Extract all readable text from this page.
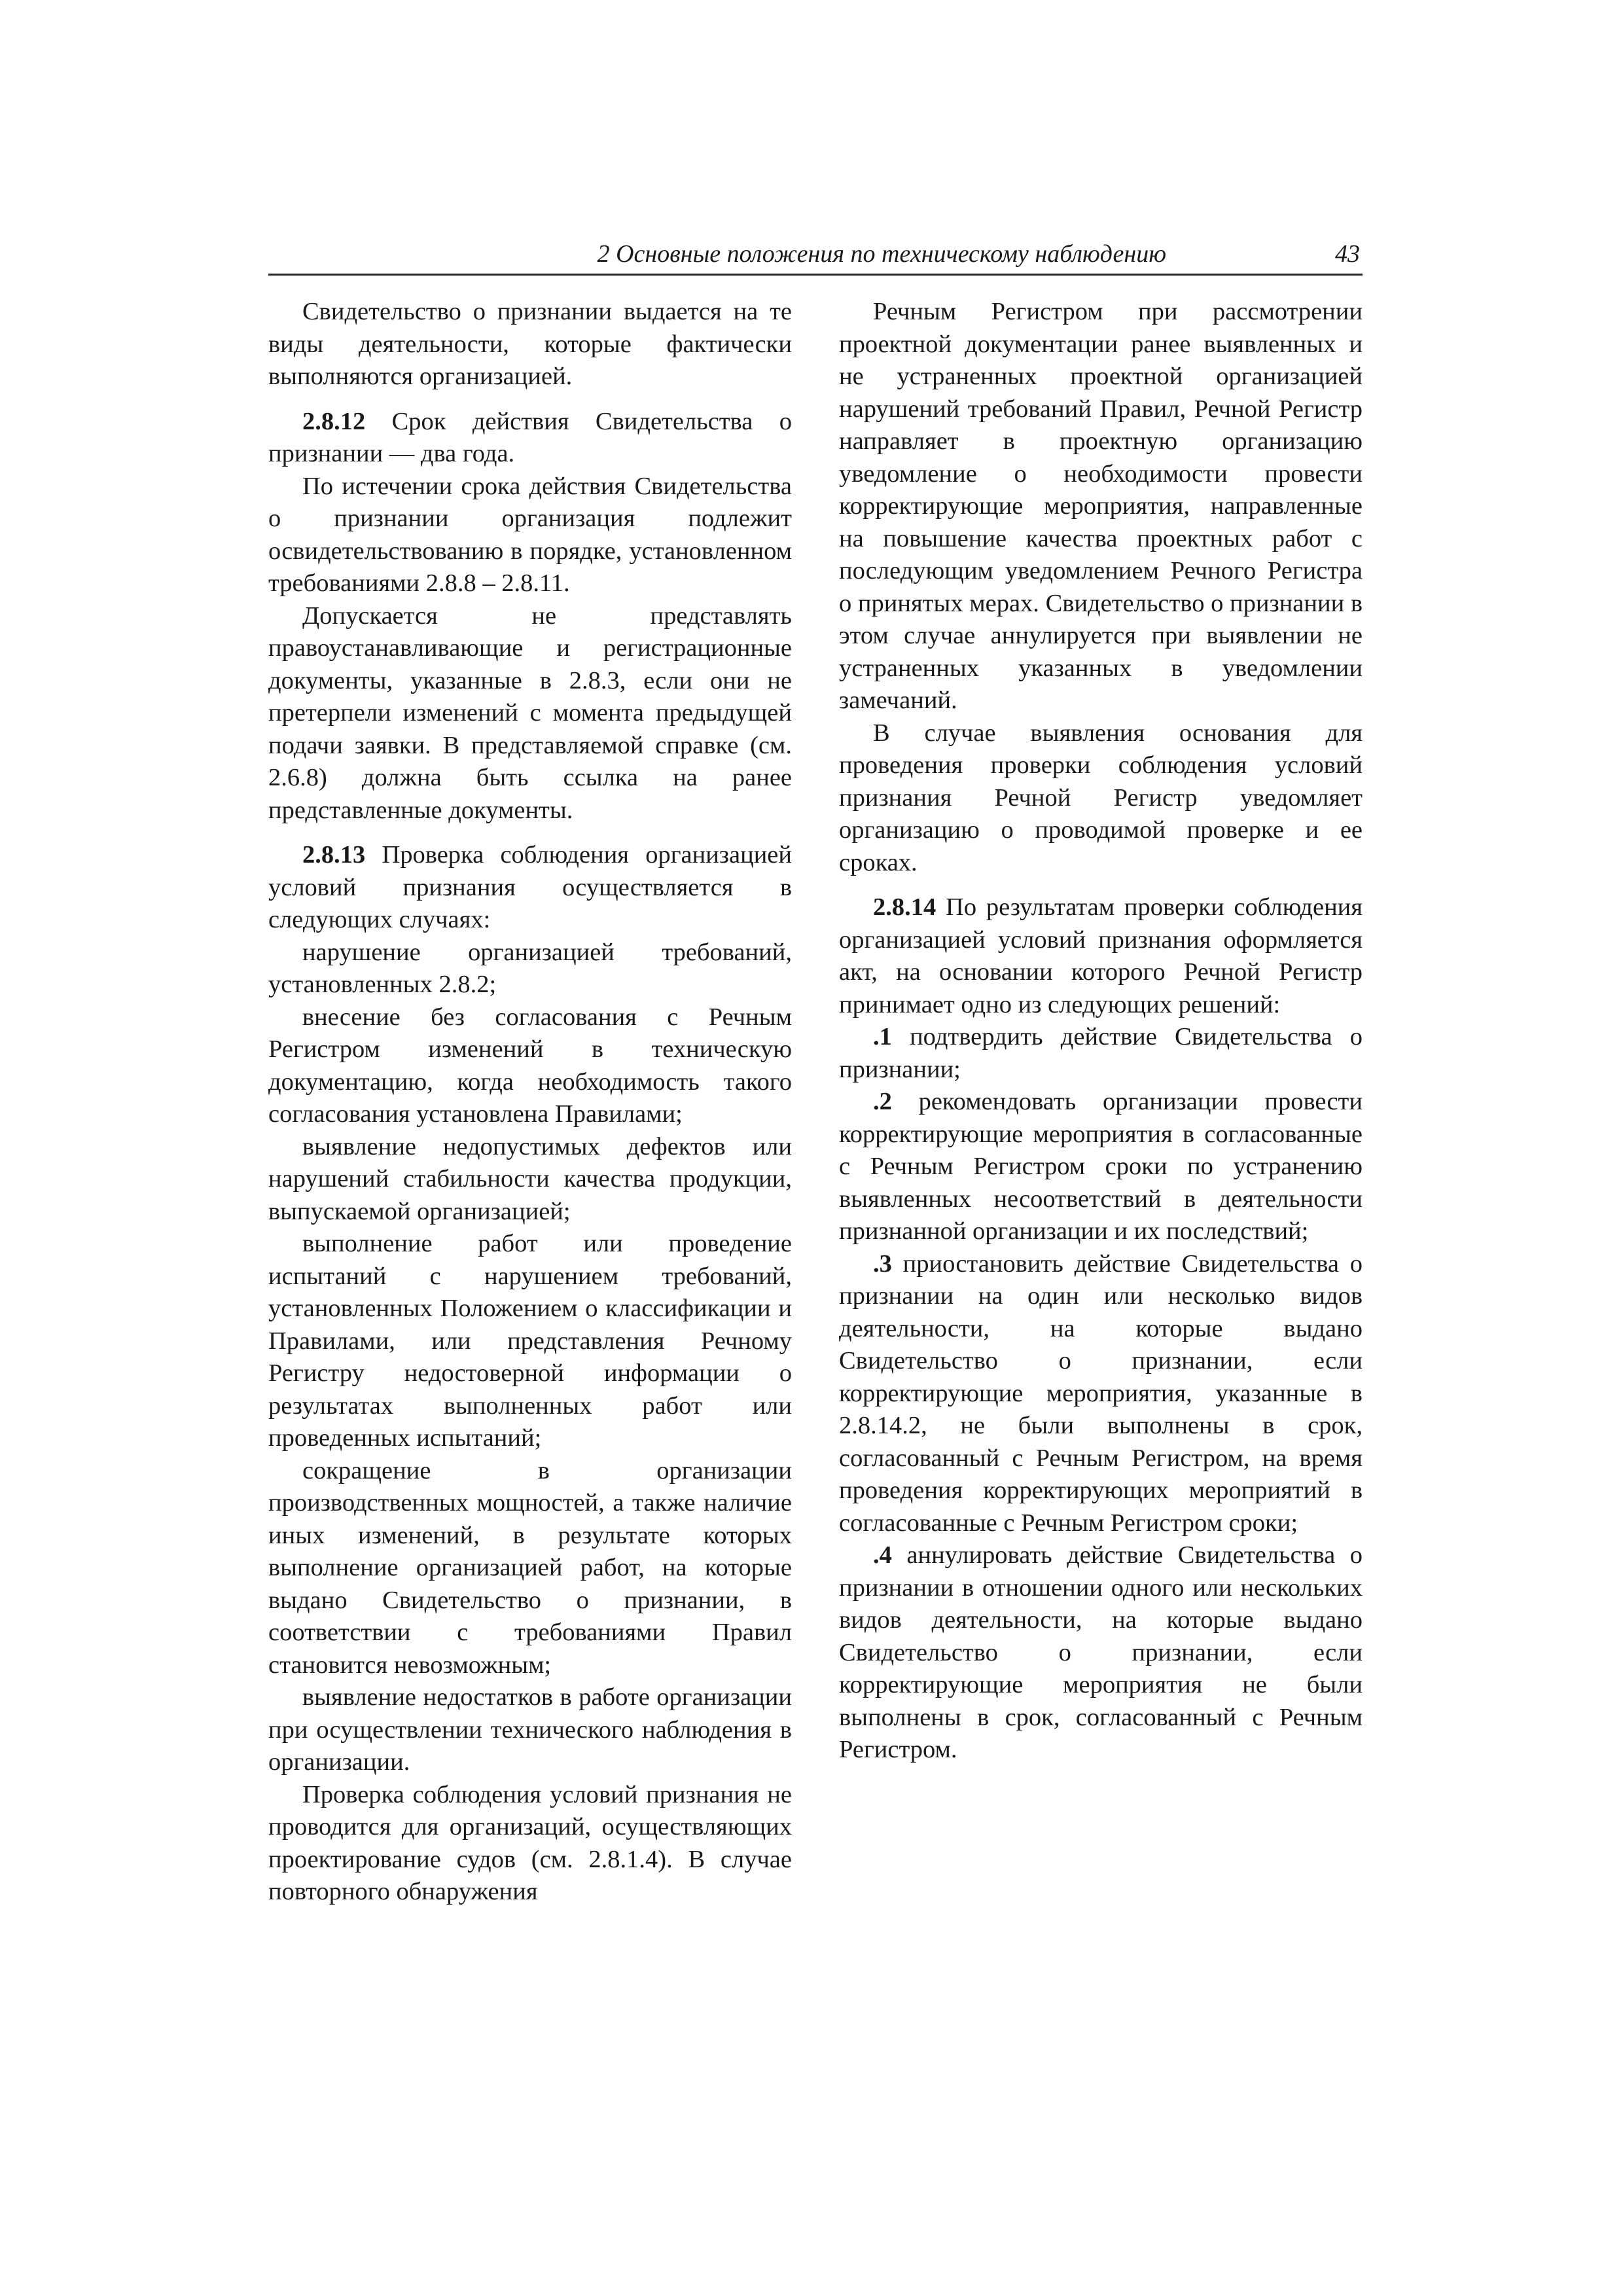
2 Основные положения по техническому наблюдению	43

Свидетельство о признании выдается на те виды деятельности, которые фактически выполняются организацией.

2.8.12 Срок действия Свидетельства о признании — два года.

По истечении срока действия Свидетельства о признании организация подлежит освидетельствованию в порядке, установленном требованиями 2.8.8 – 2.8.11.

Допускается не представлять правоустанавливающие и регистрационные документы, указанные в 2.8.3, если они не претерпели изменений с момента предыдущей подачи заявки. В представляемой справке (см. 2.6.8) должна быть ссылка на ранее представленные документы.

2.8.13 Проверка соблюдения организацией условий признания осуществляется в следующих случаях:

нарушение организацией требований, установленных 2.8.2;

внесение без согласования с Речным Регистром изменений в техническую документацию, когда необходимость такого согласования установлена Правилами;

выявление недопустимых дефектов или нарушений стабильности качества продукции, выпускаемой организацией;

выполнение работ или проведение испытаний с нарушением требований, установленных Положением о классификации и Правилами, или представления Речному Регистру недостоверной информации о результатах выполненных работ или проведенных испытаний;

сокращение в организации производственных мощностей, а также наличие иных изменений, в результате которых выполнение организацией работ, на которые выдано Свидетельство о признании, в соответствии с требованиями Правил становится невозможным;

выявление недостатков в работе организации при осуществлении технического наблюдения в организации.

Проверка соблюдения условий признания не проводится для организаций, осуществляющих проектирование судов (см. 2.8.1.4). В случае повторного обнаружения

Речным Регистром при рассмотрении проектной документации ранее выявленных и не устраненных проектной организацией нарушений требований Правил, Речной Регистр направляет в проектную организацию уведомление о необходимости провести корректирующие мероприятия, направленные на повышение качества проектных работ с последующим уведомлением Речного Регистра о принятых мерах. Свидетельство о признании в этом случае аннулируется при выявлении не устраненных указанных в уведомлении замечаний.

В случае выявления основания для проведения проверки соблюдения условий признания Речной Регистр уведомляет организацию о проводимой проверке и ее сроках.

2.8.14 По результатам проверки соблюдения организацией условий признания оформляется акт, на основании которого Речной Регистр принимает одно из следующих решений:

.1 подтвердить действие Свидетельства о признании;

.2 рекомендовать организации провести корректирующие мероприятия в согласованные с Речным Регистром сроки по устранению выявленных несоответствий в деятельности признанной организации и их последствий;

.3 приостановить действие Свидетельства о признании на один или несколько видов деятельности, на которые выдано Свидетельство о признании, если корректирующие мероприятия, указанные в 2.8.14.2, не были выполнены в срок, согласованный с Речным Регистром, на время проведения корректирующих мероприятий в согласованные с Речным Регистром сроки;

.4 аннулировать действие Свидетельства о признании в отношении одного или нескольких видов деятельности, на которые выдано Свидетельство о признании, если корректирующие мероприятия не были выполнены в срок, согласованный с Речным Регистром.
